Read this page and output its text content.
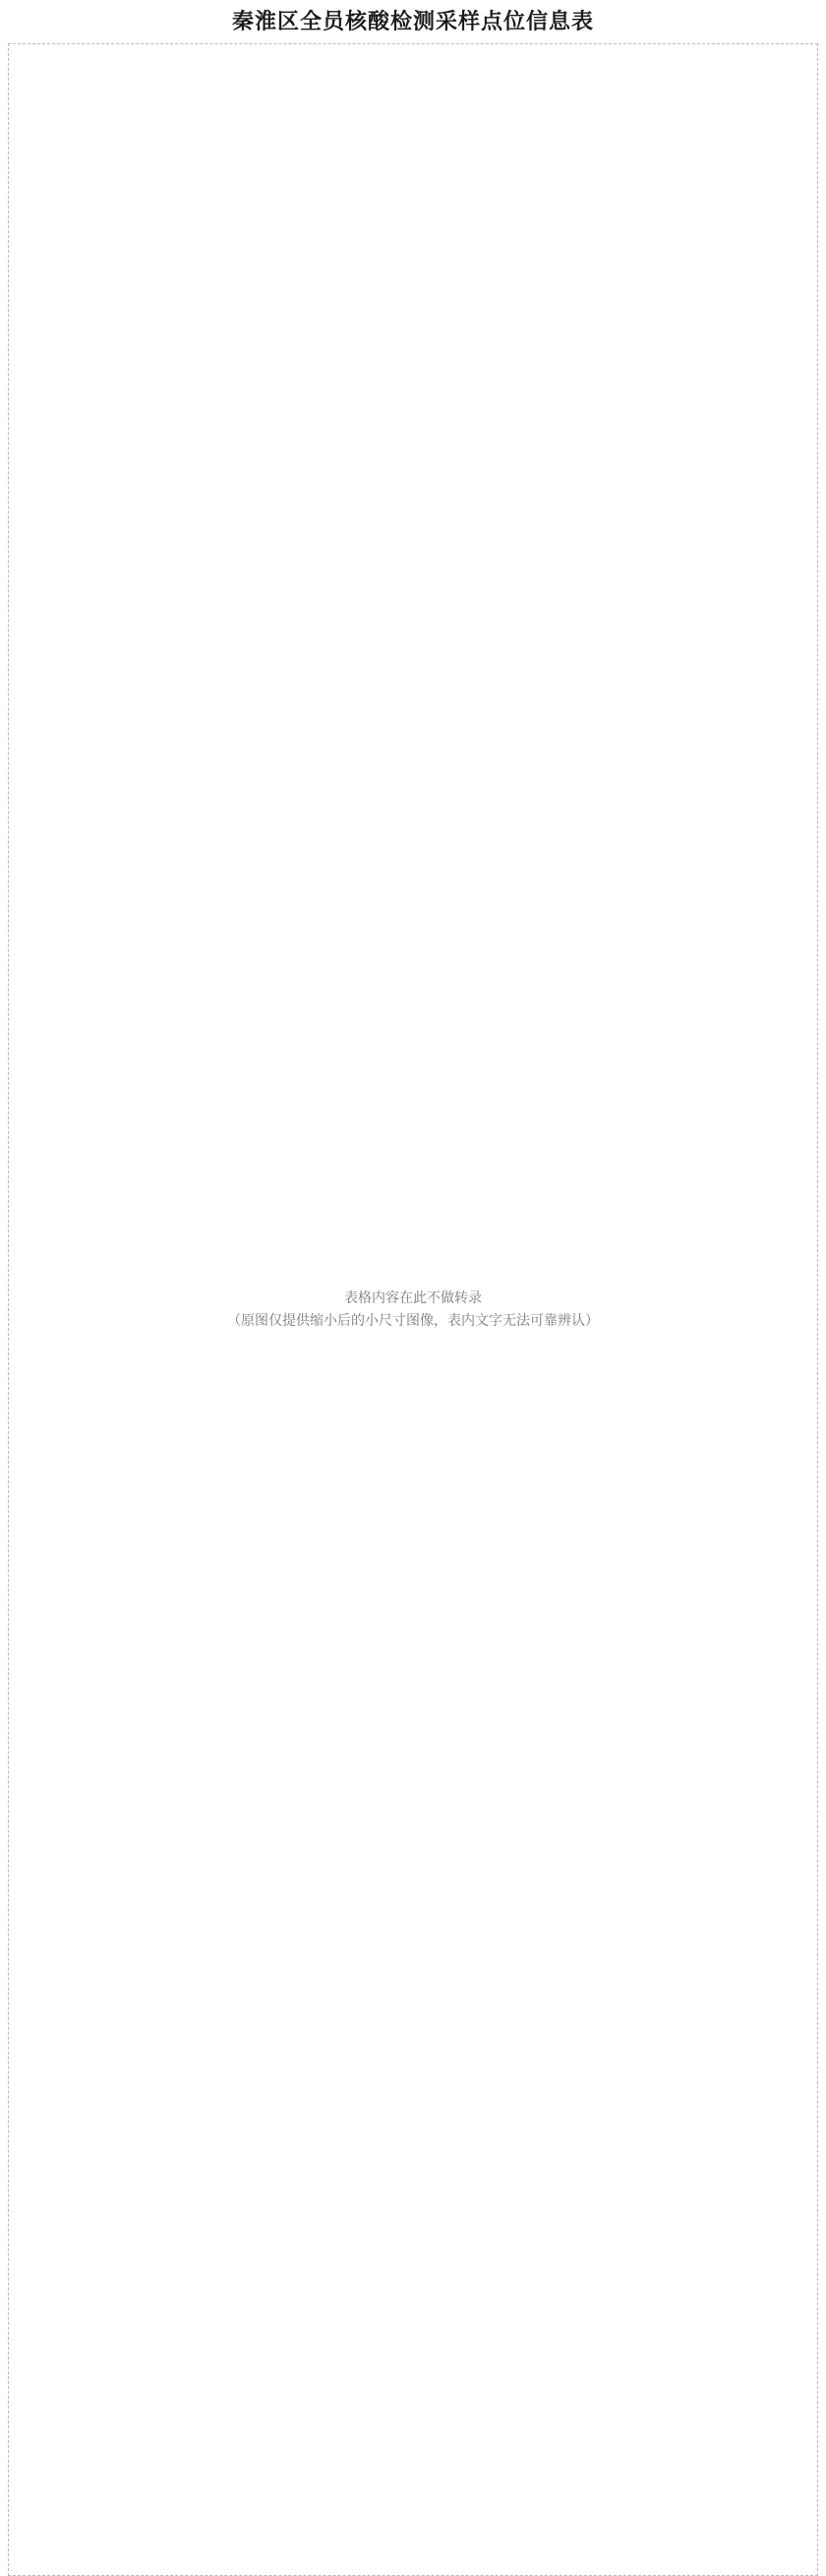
秦淮区全员核酸检测采样点位信息表
表格内容在此不做转录
（原图仅提供缩小后的小尺寸图像，表内文字无法可靠辨认）
